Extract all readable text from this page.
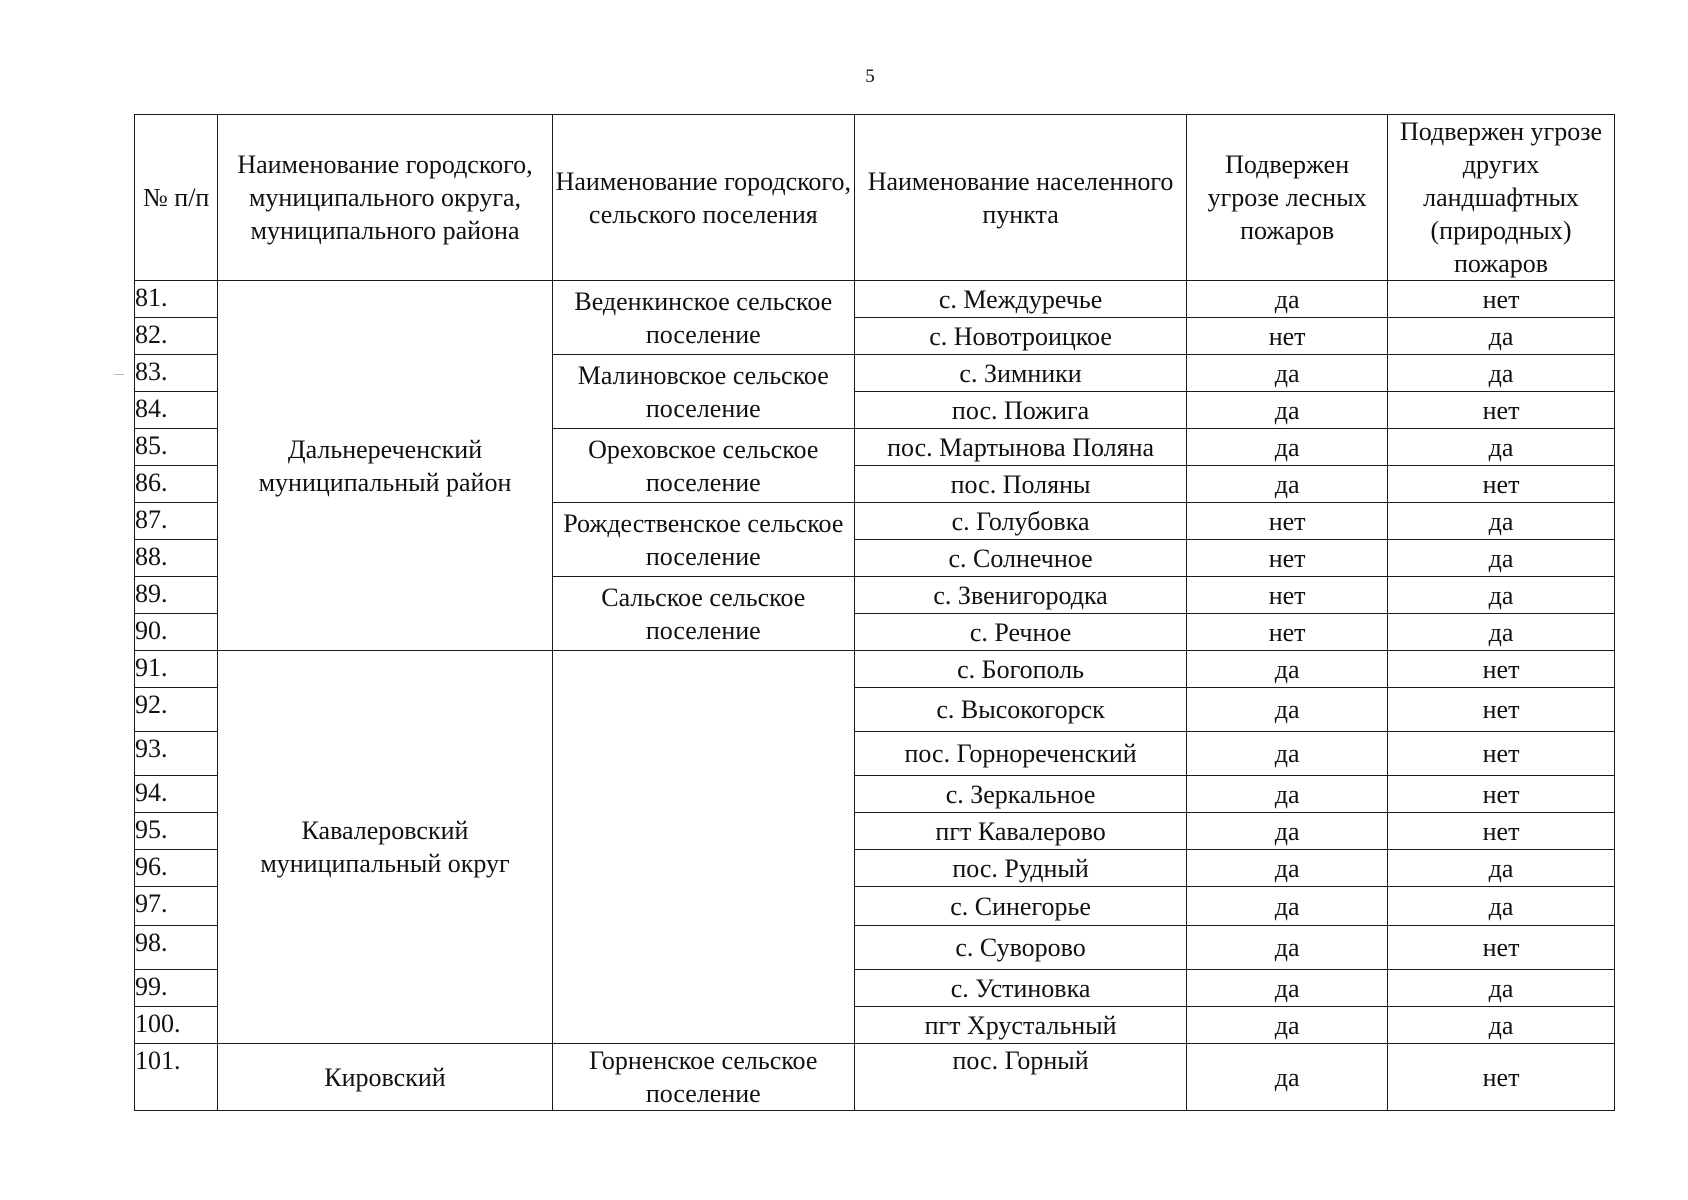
5
№ п/п	Наименование городского, муниципального округа, муниципального района	Наименование городского, сельского поселения	Наименование населенного пункта	Подвержен угрозе лесных пожаров	Подвержен угрозе других ландшафтных (природных) пожаров
81.	Дальнереченский муниципальный район	Веденкинское сельское поселение	с. Междуречье	да	нет
82.			с. Новотроицкое	нет	да
83.		Малиновское сельское поселение	с. Зимники	да	да
84.			пос. Пожига	да	нет
85.		Ореховское сельское поселение	пос. Мартынова Поляна	да	да
86.			пос. Поляны	да	нет
87.		Рождественское сельское поселение	с. Голубовка	нет	да
88.			с. Солнечное	нет	да
89.		Сальское сельское поселение	с. Звенигородка	нет	да
90.			с. Речное	нет	да
91.	Кавалеровский муниципальный округ		с. Богополь	да	нет
92.			с. Высокогорск	да	нет
93.			пос. Горнореченский	да	нет
94.			с. Зеркальное	да	нет
95.			пгт Кавалерово	да	нет
96.			пос. Рудный	да	да
97.			с. Синегорье	да	да
98.			с. Суворово	да	нет
99.			с. Устиновка	да	да
100.			пгт Хрустальный	да	да
101.	Кировский	Горненское сельское поселение	пос. Горный	да	нет
